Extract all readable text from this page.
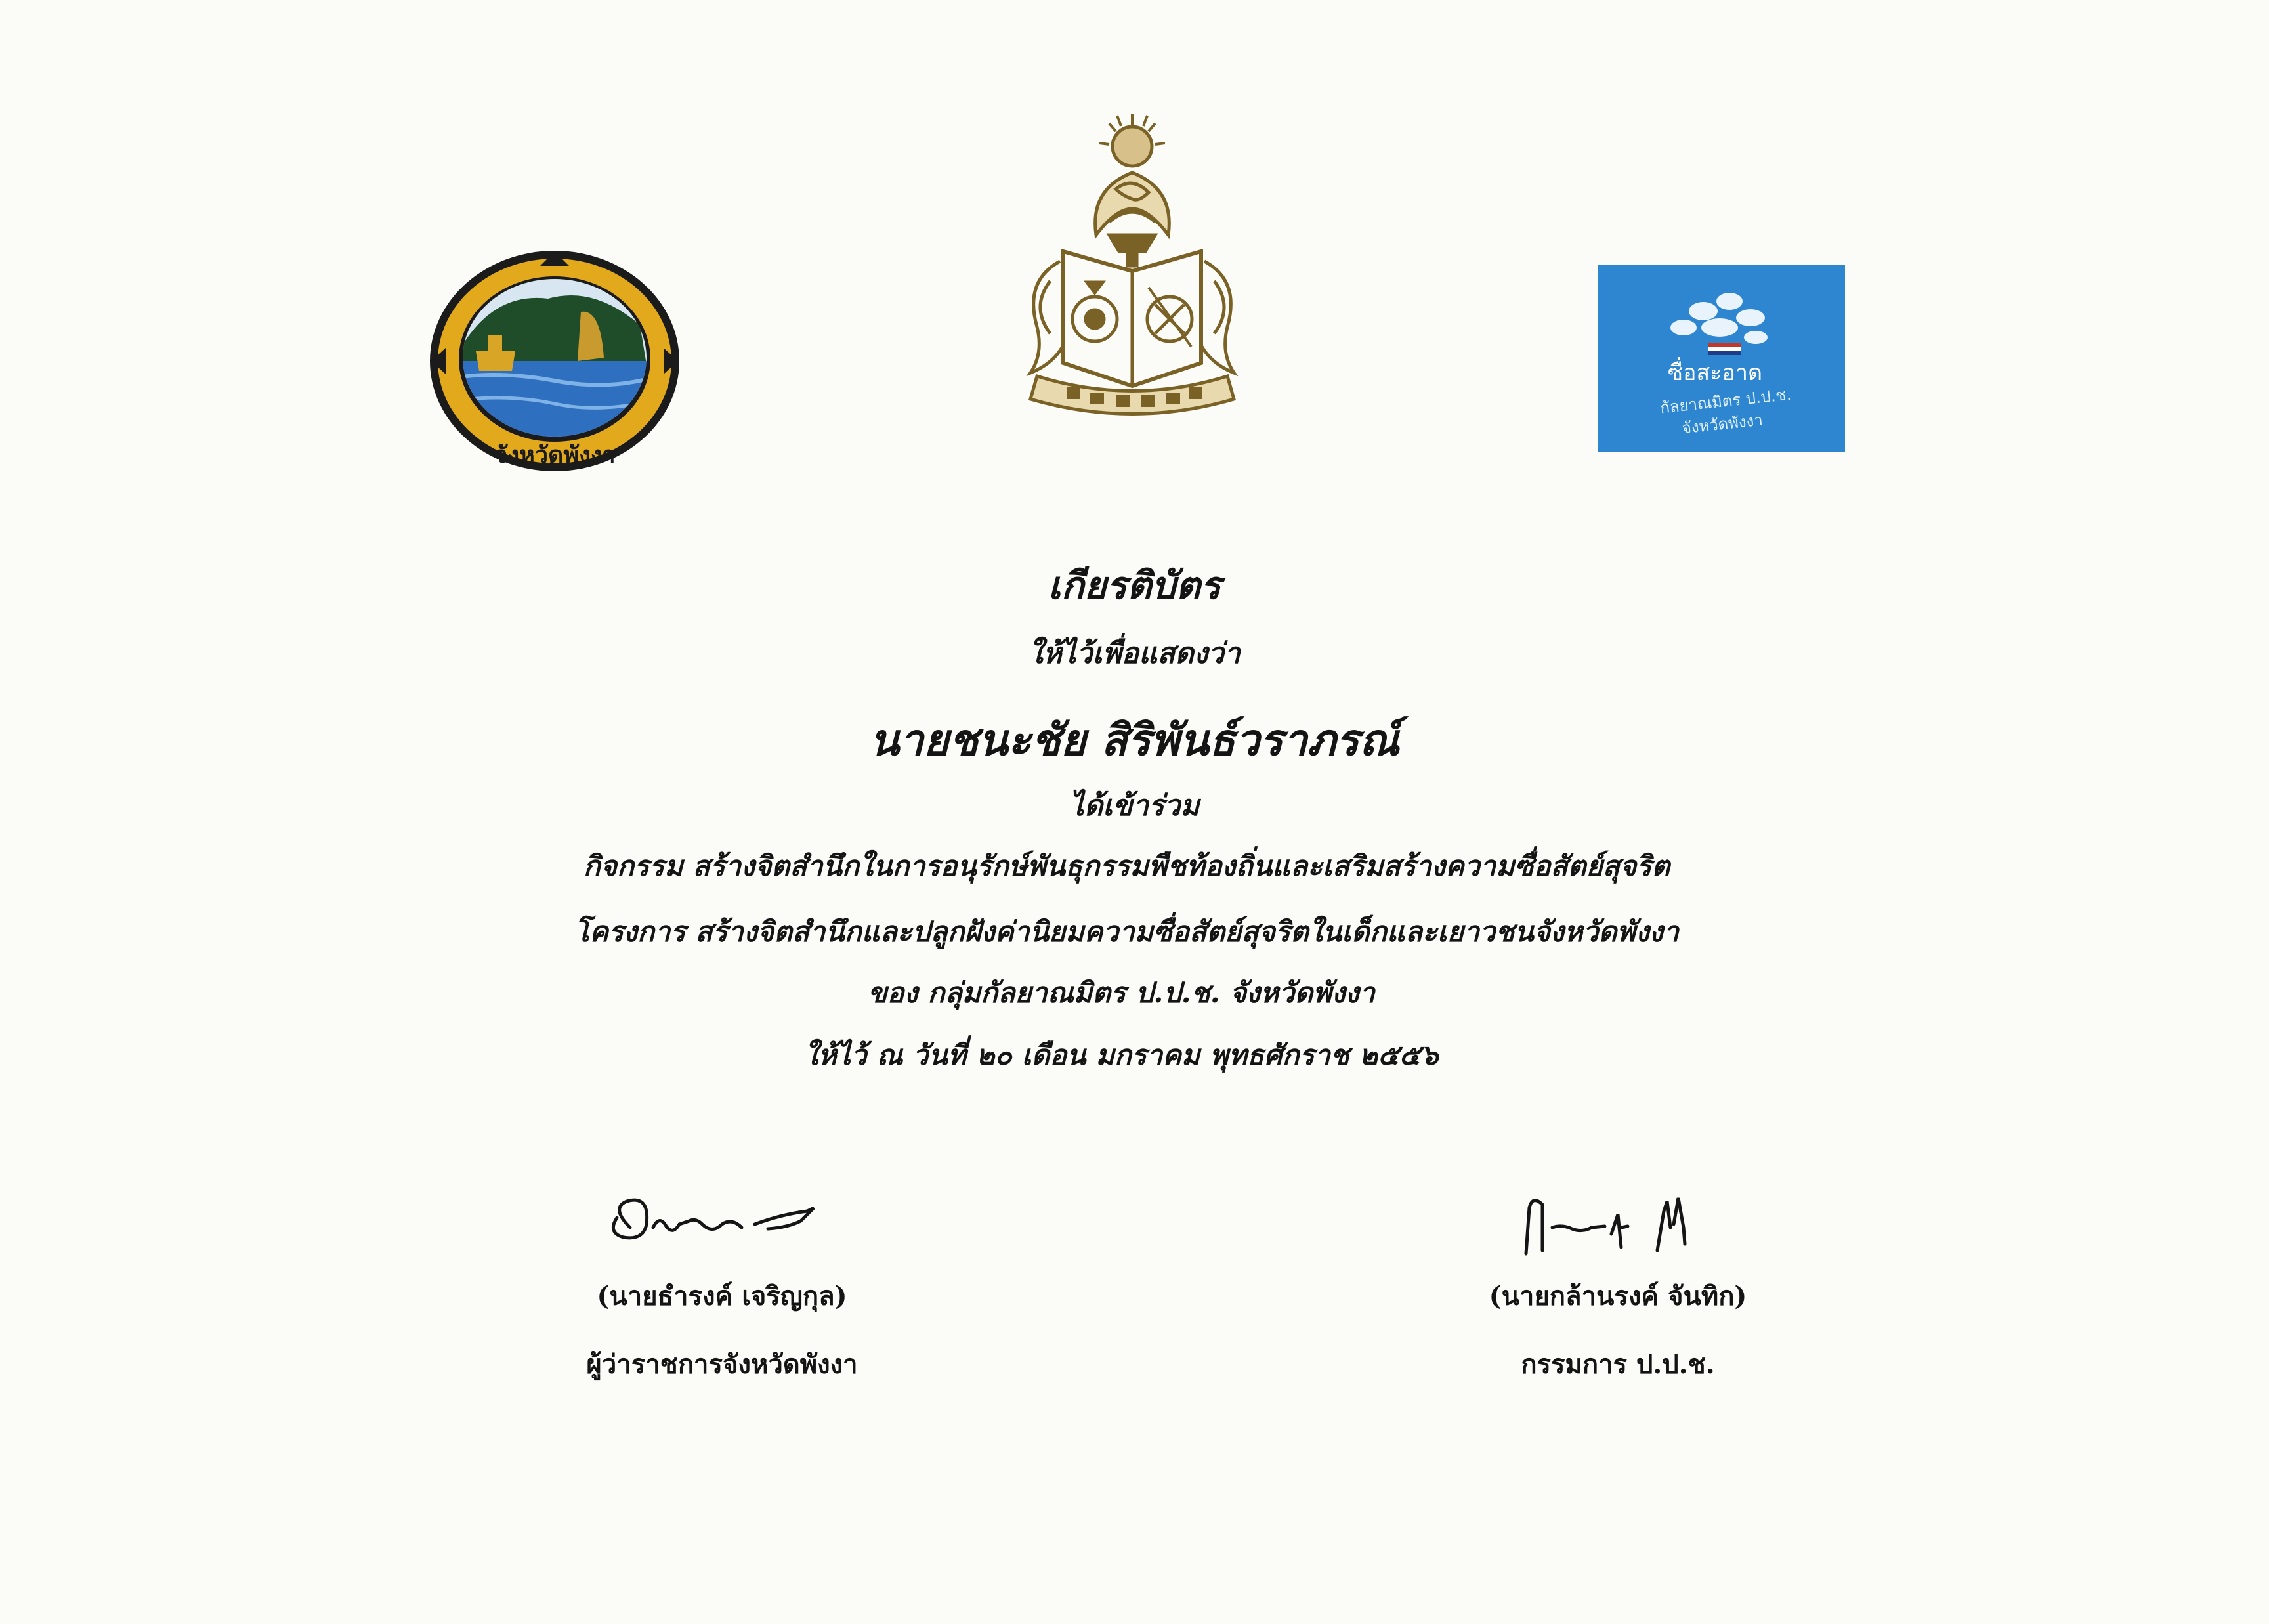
จังหวัดพังงา
ซื่อสะอาด
กัลยาณมิตร ป.ป.ช.
จังหวัดพังงา
เกียรติบัตร
ให้ไว้เพื่อแสดงว่า
นายชนะชัย สิริพันธ์วราภรณ์
ได้เข้าร่วม
กิจกรรม สร้างจิตสำนึกในการอนุรักษ์พันธุกรรมพืชท้องถิ่นและเสริมสร้างความซื่อสัตย์สุจริต
โครงการ สร้างจิตสำนึกและปลูกฝังค่านิยมความซื่อสัตย์สุจริตในเด็กและเยาวชนจังหวัดพังงา
ของ กลุ่มกัลยาณมิตร ป.ป.ช. จังหวัดพังงา
ให้ไว้ ณ วันที่ ๒๐ เดือน มกราคม พุทธศักราช ๒๕๕๖
(นายธำรงค์ เจริญกุล)
ผู้ว่าราชการจังหวัดพังงา
(นายกล้านรงค์ จันทิก)
กรรมการ ป.ป.ช.
